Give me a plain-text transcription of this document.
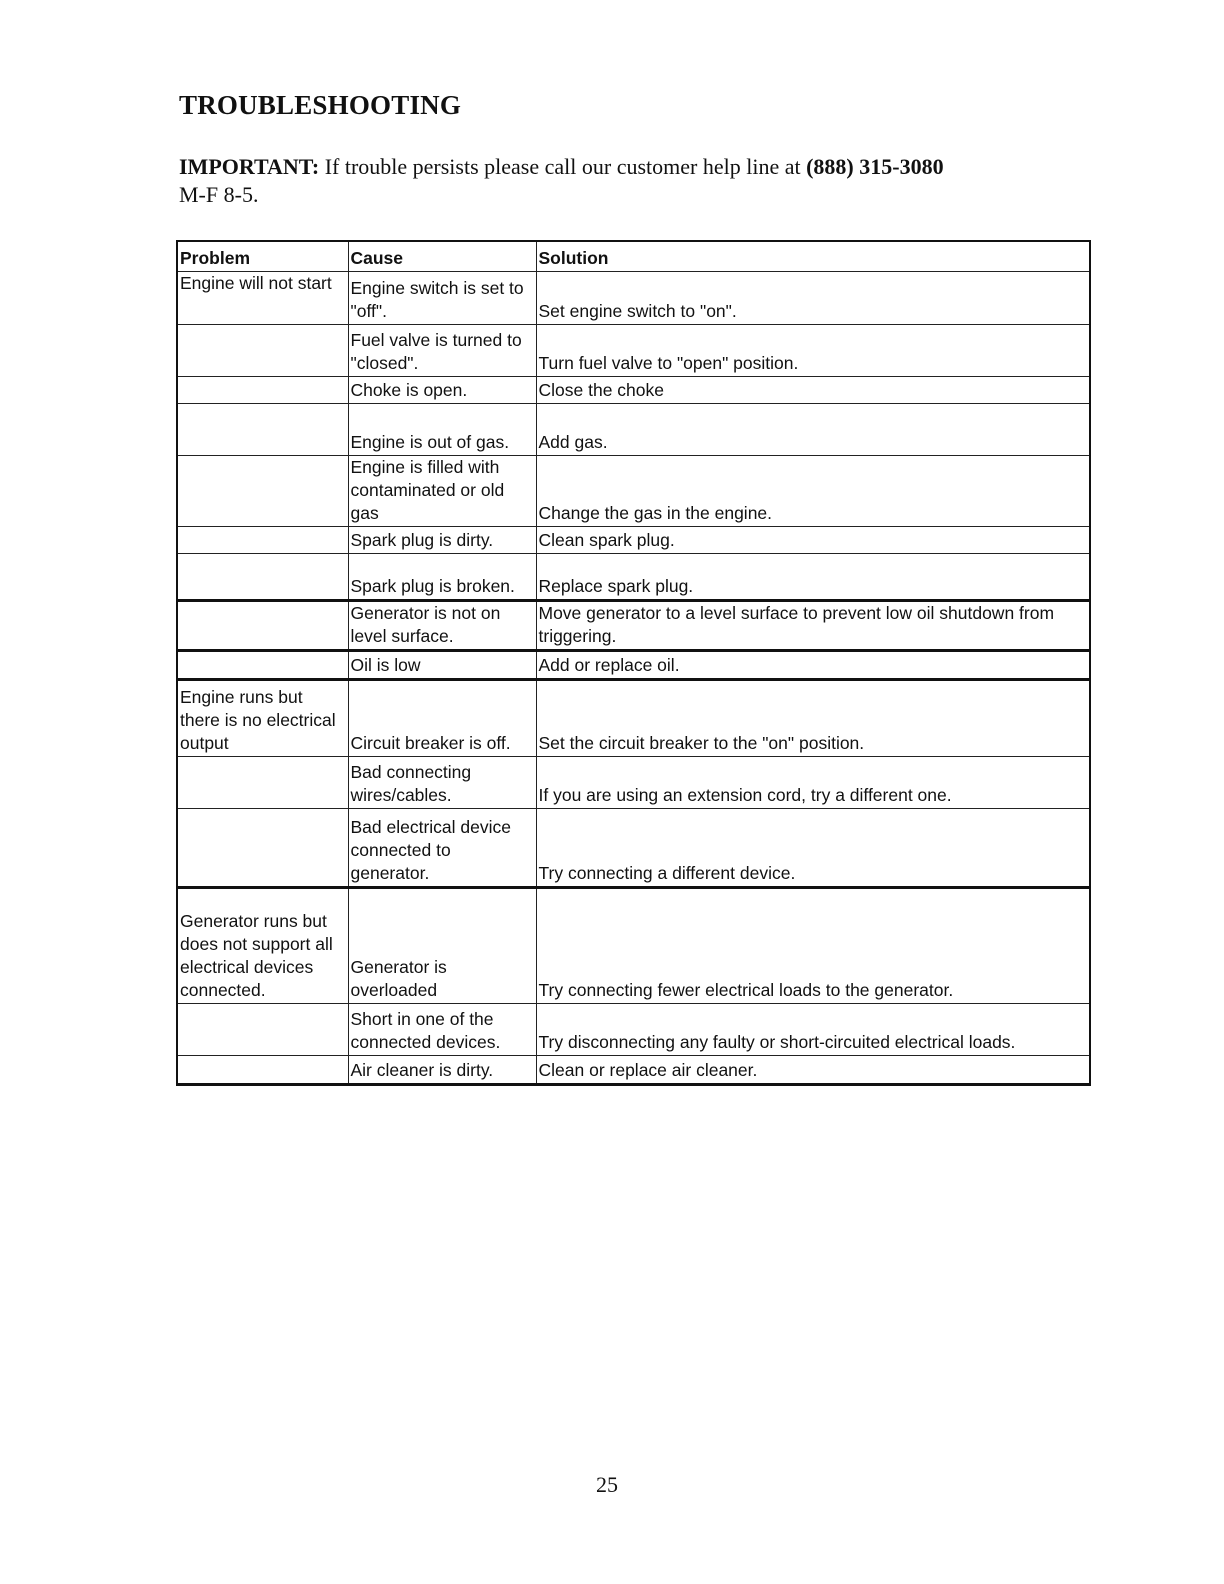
TROUBLESHOOTING

IMPORTANT: If trouble persists please call our customer help line at (888) 315-3080
M-F 8-5.

Problem	Cause	Solution
Engine will not start	Engine switch is set to "off".	Set engine switch to "on".
	Fuel valve is turned to "closed".	Turn fuel valve to "open" position.
	Choke is open.	Close the choke
	Engine is out of gas.	Add gas.
	Engine is filled with contaminated or old gas	Change the gas in the engine.
	Spark plug is dirty.	Clean spark plug.
	Spark plug is broken.	Replace spark plug.
	Generator is not on level surface.	Move generator to a level surface to prevent low oil shutdown from triggering.
	Oil is low	Add or replace oil.
Engine runs but there is no electrical output	Circuit breaker is off.	Set the circuit breaker to the "on" position.
	Bad connecting wires/cables.	If you are using an extension cord, try a different one.
	Bad electrical device connected to generator.	Try connecting a different device.
Generator runs but does not support all electrical devices connected.	Generator is overloaded	Try connecting fewer electrical loads to the generator.
	Short in one of the connected devices.	Try disconnecting any faulty or short-circuited electrical loads.
	Air cleaner is dirty.	Clean or replace air cleaner.

25
